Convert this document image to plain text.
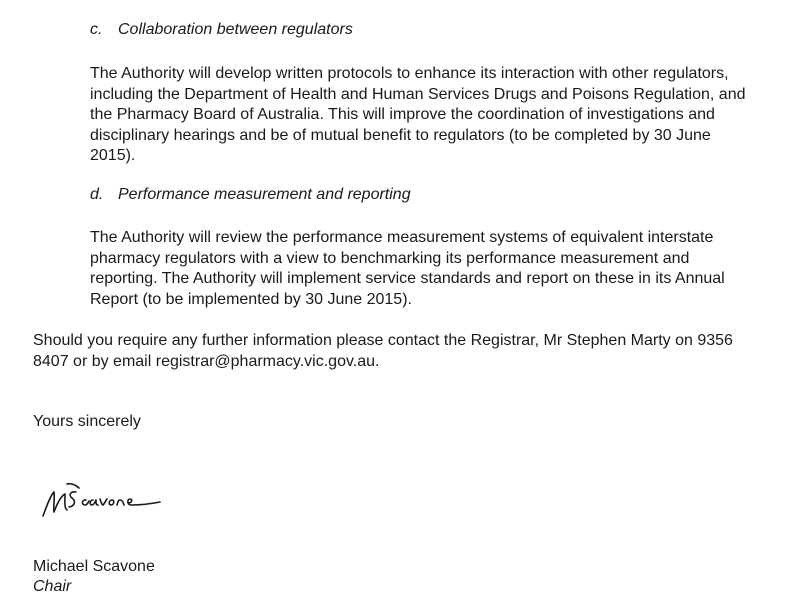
c. Collaboration between regulators
The Authority will develop written protocols to enhance its interaction with other regulators,
including the Department of Health and Human Services Drugs and Poisons Regulation, and
the Pharmacy Board of Australia. This will improve the coordination of investigations and
disciplinary hearings and be of mutual benefit to regulators (to be completed by 30 June
2015).
d. Performance measurement and reporting
The Authority will review the performance measurement systems of equivalent interstate
pharmacy regulators with a view to benchmarking its performance measurement and
reporting. The Authority will implement service standards and report on these in its Annual
Report (to be implemented by 30 June 2015).
Should you require any further information please contact the Registrar, Mr Stephen Marty on 9356
8407 or by email registrar@pharmacy.vic.gov.au.
Yours sincerely
Michael Scavone
Chair
